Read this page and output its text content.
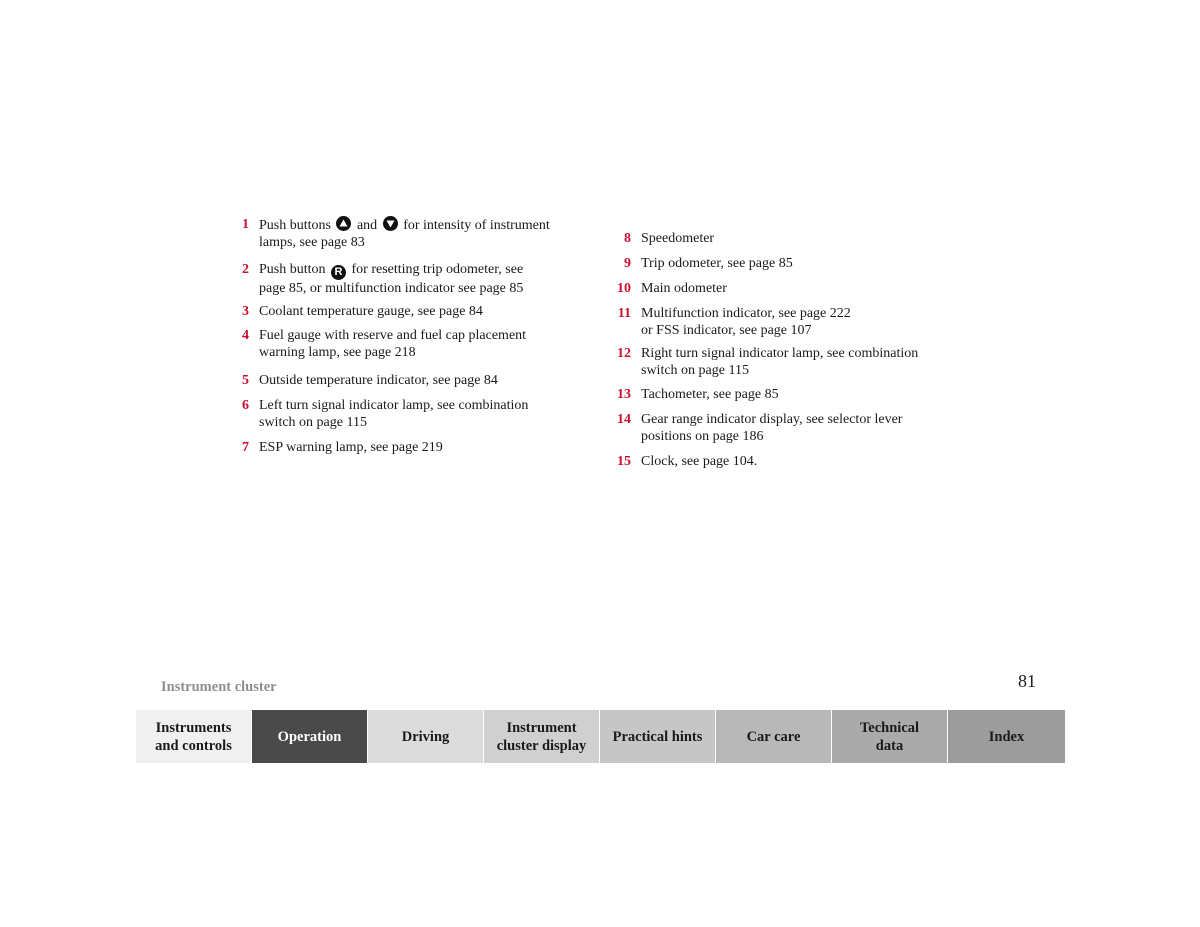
1 Push buttons and for intensity of instrument
lamps, see page 83
2 Push button R for resetting trip odometer, see
page 85, or multifunction indicator see page 85
3 Coolant temperature gauge, see page 84
4 Fuel gauge with reserve and fuel cap placement
warning lamp, see page 218
5 Outside temperature indicator, see page 84
6 Left turn signal indicator lamp, see combination
switch on page 115
7 ESP warning lamp, see page 219
8 Speedometer
9 Trip odometer, see page 85
10 Main odometer
11 Multifunction indicator, see page 222
or FSS indicator, see page 107
12 Right turn signal indicator lamp, see combination
switch on page 115
13 Tachometer, see page 85
14 Gear range indicator display, see selector lever
positions on page 186
15 Clock, see page 104.
Instrument cluster	81
Instruments
and controls
Operation	Driving
Instrument
cluster display
Practical hints	Car care
Technical
data
Index
